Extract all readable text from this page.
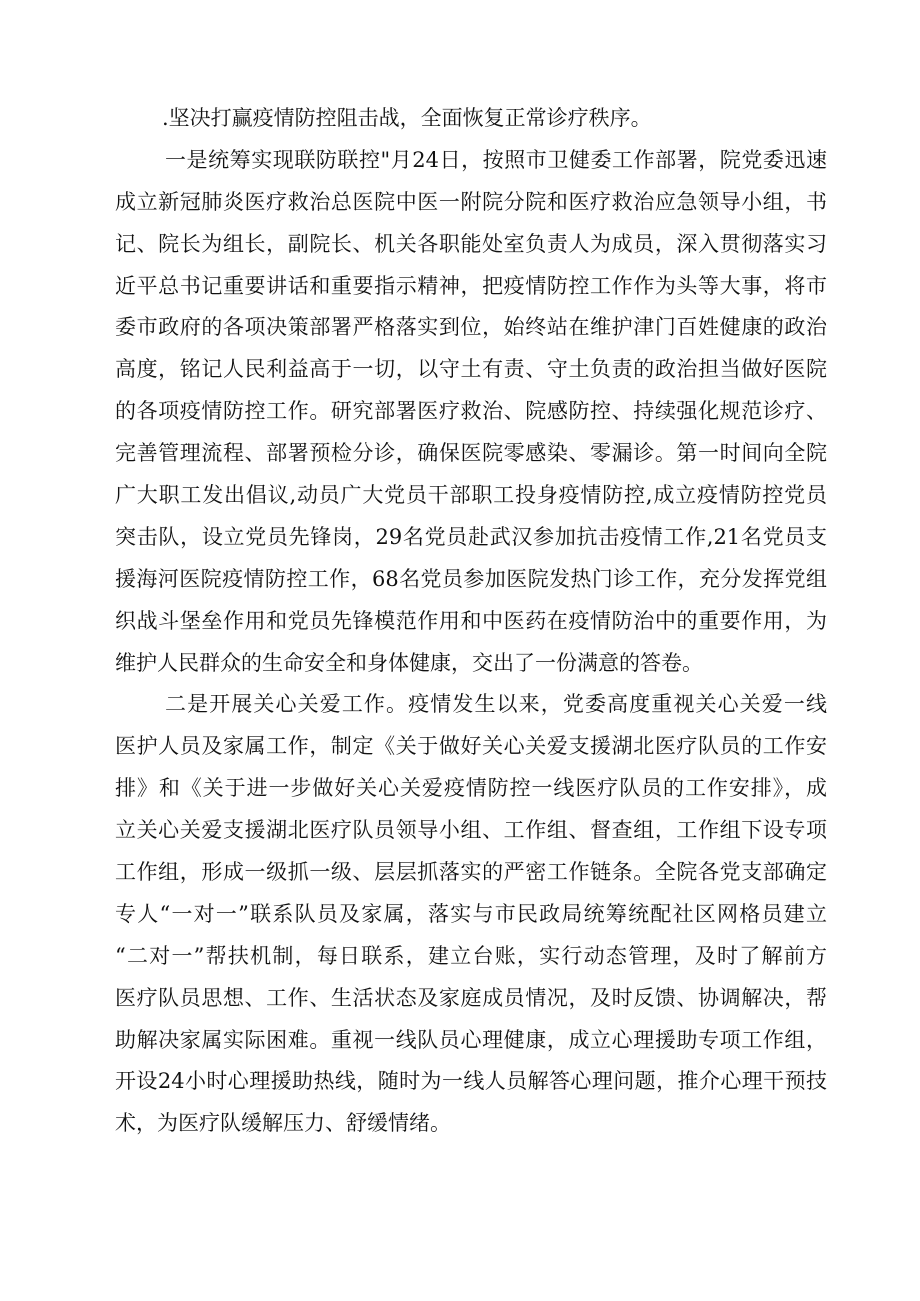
.坚决打赢疫情防控阻击战，全面恢复正常诊疗秩序。
一是统筹实现联防联控"月24日，按照市卫健委工作部署，院党委迅速
成立新冠肺炎医疗救治总医院中医一附院分院和医疗救治应急领导小组，书
记、院长为组长，副院长、机关各职能处室负责人为成员，深入贯彻落实习
近平总书记重要讲话和重要指示精神，把疫情防控工作作为头等大事，将市
委市政府的各项决策部署严格落实到位，始终站在维护津门百姓健康的政治
高度，铭记人民利益高于一切，以守土有责、守土负责的政治担当做好医院
的各项疫情防控工作。研究部署医疗救治、院感防控、持续强化规范诊疗、
完善管理流程、部署预检分诊，确保医院零感染、零漏诊。第一时间向全院
广大职工发出倡议,动员广大党员干部职工投身疫情防控,成立疫情防控党员
突击队，设立党员先锋岗，29名党员赴武汉参加抗击疫情工作,21名党员支
援海河医院疫情防控工作，68名党员参加医院发热门诊工作，充分发挥党组
织战斗堡垒作用和党员先锋模范作用和中医药在疫情防治中的重要作用，为
维护人民群众的生命安全和身体健康，交出了一份满意的答卷。
二是开展关心关爱工作。疫情发生以来，党委高度重视关心关爱一线
医护人员及家属工作，制定《关于做好关心关爱支援湖北医疗队员的工作安
排》和《关于进一步做好关心关爱疫情防控一线医疗队员的工作安排》，成
立关心关爱支援湖北医疗队员领导小组、工作组、督查组，工作组下设专项
工作组，形成一级抓一级、层层抓落实的严密工作链条。全院各党支部确定
专人“一对一”联系队员及家属，落实与市民政局统筹统配社区网格员建立
“二对一”帮扶机制，每日联系，建立台账，实行动态管理，及时了解前方
医疗队员思想、工作、生活状态及家庭成员情况，及时反馈、协调解决，帮
助解决家属实际困难。重视一线队员心理健康，成立心理援助专项工作组，
开设24小时心理援助热线，随时为一线人员解答心理问题，推介心理干预技
术，为医疗队缓解压力、舒缓情绪。
